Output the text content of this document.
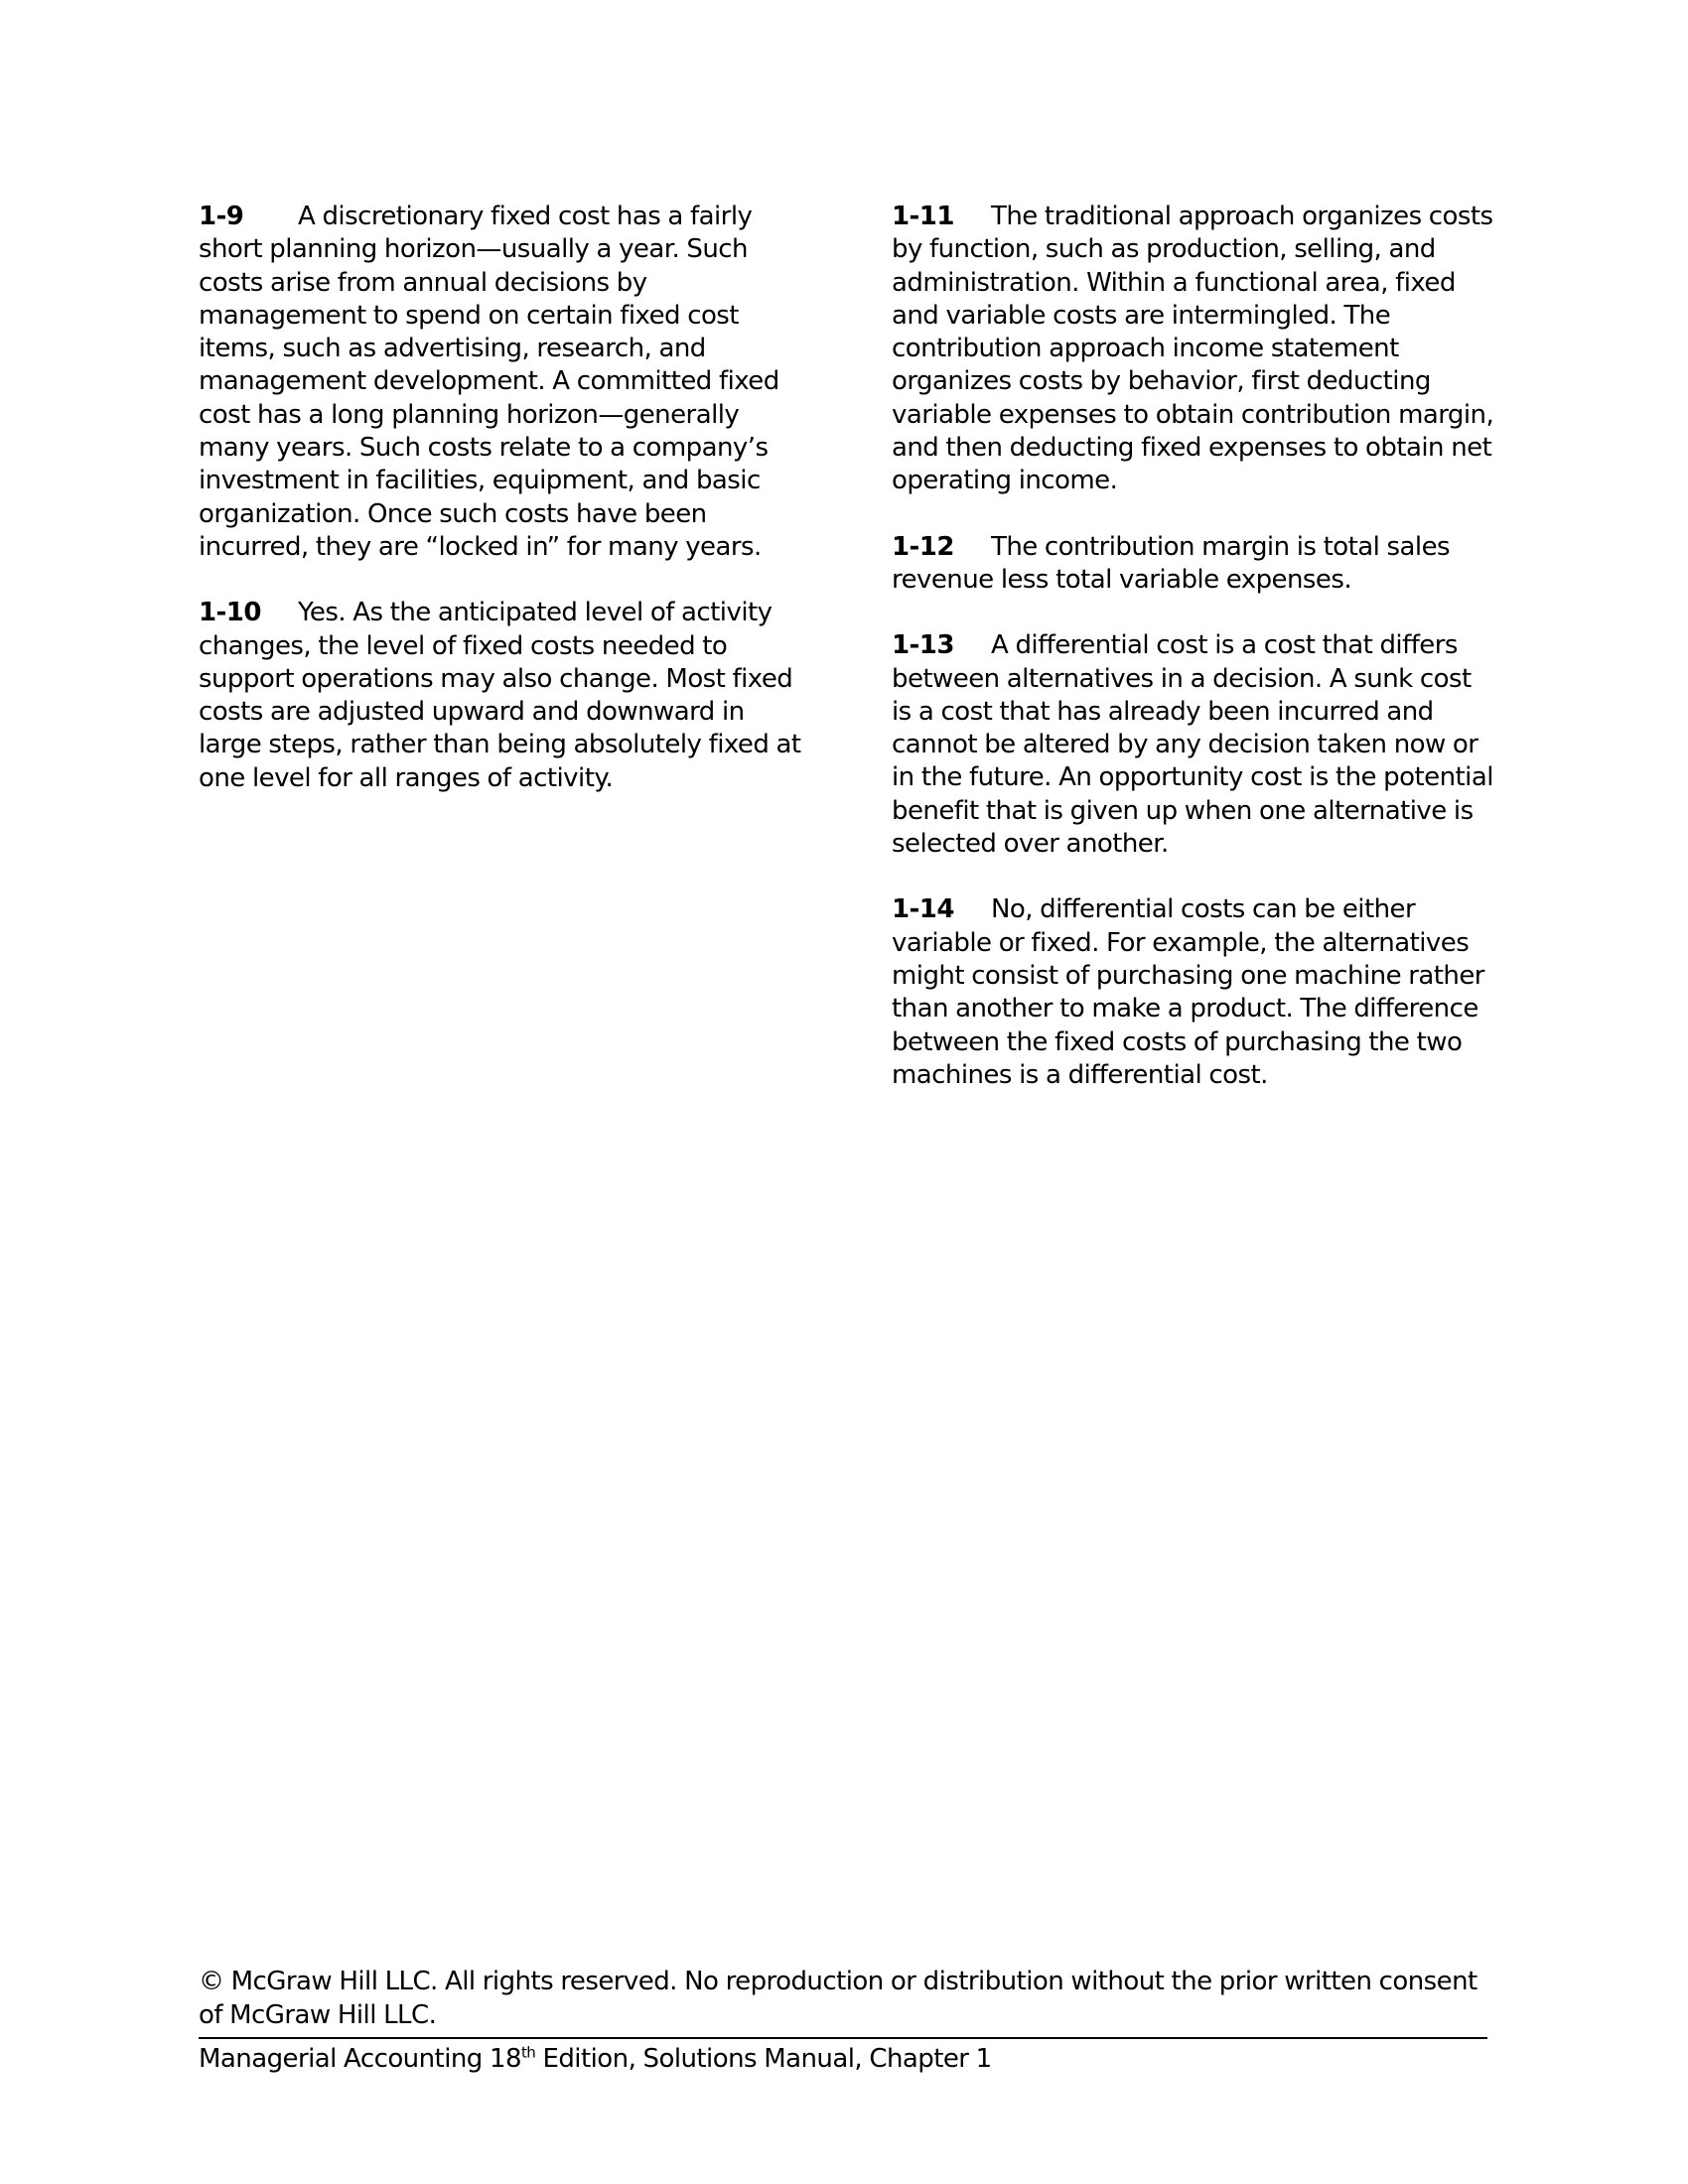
1-9 A discretionary fixed cost has a fairly short planning horizon—usually a year. Such costs arise from annual decisions by management to spend on certain fixed cost items, such as advertising, research, and management development. A committed fixed cost has a long planning horizon—generally many years. Such costs relate to a company’s investment in facilities, equipment, and basic organization. Once such costs have been incurred, they are “locked in” for many years.

1-10 Yes. As the anticipated level of activity changes, the level of fixed costs needed to support operations may also change. Most fixed costs are adjusted upward and downward in large steps, rather than being absolutely fixed at one level for all ranges of activity.

1-11 The traditional approach organizes costs by function, such as production, selling, and administration. Within a functional area, fixed and variable costs are intermingled. The contribution approach income statement organizes costs by behavior, first deducting variable expenses to obtain contribution margin, and then deducting fixed expenses to obtain net operating income.

1-12 The contribution margin is total sales revenue less total variable expenses.

1-13 A differential cost is a cost that differs between alternatives in a decision. A sunk cost is a cost that has already been incurred and cannot be altered by any decision taken now or in the future. An opportunity cost is the potential benefit that is given up when one alternative is selected over another.

1-14 No, differential costs can be either variable or fixed. For example, the alternatives might consist of purchasing one machine rather than another to make a product. The difference between the fixed costs of purchasing the two machines is a differential cost.

© McGraw Hill LLC. All rights reserved. No reproduction or distribution without the prior written consent of McGraw Hill LLC.
Managerial Accounting 18th Edition, Solutions Manual, Chapter 1
